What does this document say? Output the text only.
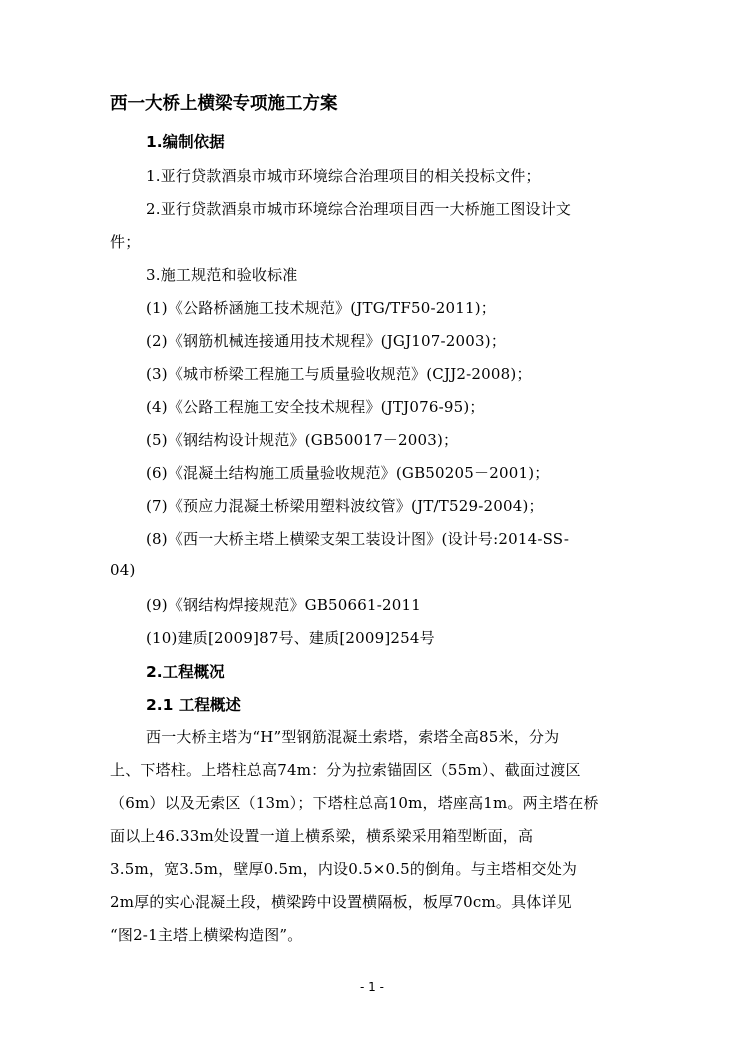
西一大桥上横梁专项施工方案
1.编制依据
1.亚行贷款酒泉市城市环境综合治理项目的相关投标文件；
2.亚行贷款酒泉市城市环境综合治理项目西一大桥施工图设计文
件；
3.施工规范和验收标准
(1)《公路桥涵施工技术规范》(JTG/TF50-2011)；
(2)《钢筋机械连接通用技术规程》(JGJ107-2003)；
(3)《城市桥梁工程施工与质量验收规范》(CJJ2-2008)；
(4)《公路工程施工安全技术规程》(JTJ076-95)；
(5)《钢结构设计规范》(GB50017－2003)；
(6)《混凝土结构施工质量验收规范》(GB50205－2001)；
(7)《预应力混凝土桥梁用塑料波纹管》(JT/T529-2004)；
(8)《西一大桥主塔上横梁支架工装设计图》(设计号:2014-SS-
04)
(9)《钢结构焊接规范》GB50661-2011
(10)建质[2009]87号、建质[2009]254号
2.工程概况
2.1 工程概述
西一大桥主塔为“H”型钢筋混凝土索塔，索塔全高85米，分为
上、下塔柱。上塔柱总高74m：分为拉索锚固区（55m）、截面过渡区
（6m）以及无索区（13m）；下塔柱总高10m，塔座高1m。两主塔在桥
面以上46.33m处设置一道上横系梁，横系梁采用箱型断面，高
3.5m，宽3.5m，壁厚0.5m，内设0.5×0.5的倒角。与主塔相交处为
2m厚的实心混凝土段，横梁跨中设置横隔板，板厚70cm。具体详见
“图2-1主塔上横梁构造图”。
- 1 -
